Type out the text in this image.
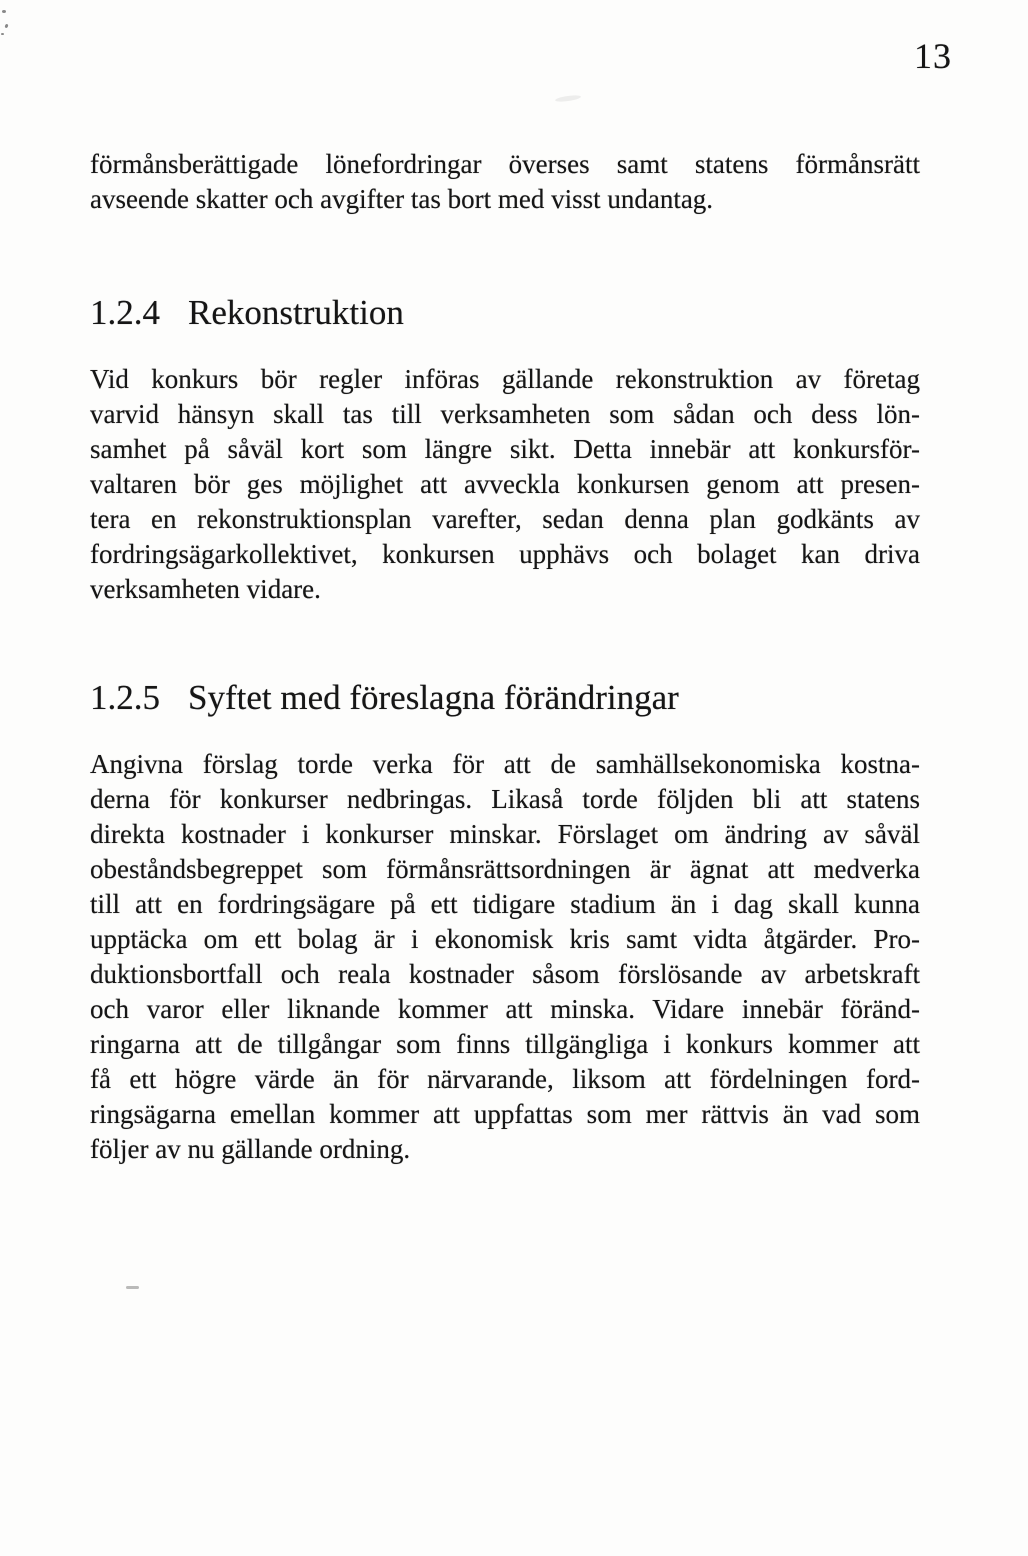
13
förmånsberättigade lönefordringar överses samt statens förmånsrätt
avseende skatter och avgifter tas bort med visst undantag.
1.2.4 Rekonstruktion
Vid konkurs bör regler införas gällande rekonstruktion av företag
varvid hänsyn skall tas till verksamheten som sådan och dess lön-
samhet på såväl kort som längre sikt. Detta innebär att konkursför-
valtaren bör ges möjlighet att avveckla konkursen genom att presen-
tera en rekonstruktionsplan varefter, sedan denna plan godkänts av
fordringsägarkollektivet, konkursen upphävs och bolaget kan driva
verksamheten vidare.
1.2.5 Syftet med föreslagna förändringar
Angivna förslag torde verka för att de samhällsekonomiska kostna-
derna för konkurser nedbringas. Likaså torde följden bli att statens
direkta kostnader i konkurser minskar. Förslaget om ändring av såväl
obeståndsbegreppet som förmånsrättsordningen är ägnat att medverka
till att en fordringsägare på ett tidigare stadium än i dag skall kunna
upptäcka om ett bolag är i ekonomisk kris samt vidta åtgärder. Pro-
duktionsbortfall och reala kostnader såsom förslösande av arbetskraft
och varor eller liknande kommer att minska. Vidare innebär föränd-
ringarna att de tillgångar som finns tillgängliga i konkurs kommer att
få ett högre värde än för närvarande, liksom att fördelningen ford-
ringsägarna emellan kommer att uppfattas som mer rättvis än vad som
följer av nu gällande ordning.
